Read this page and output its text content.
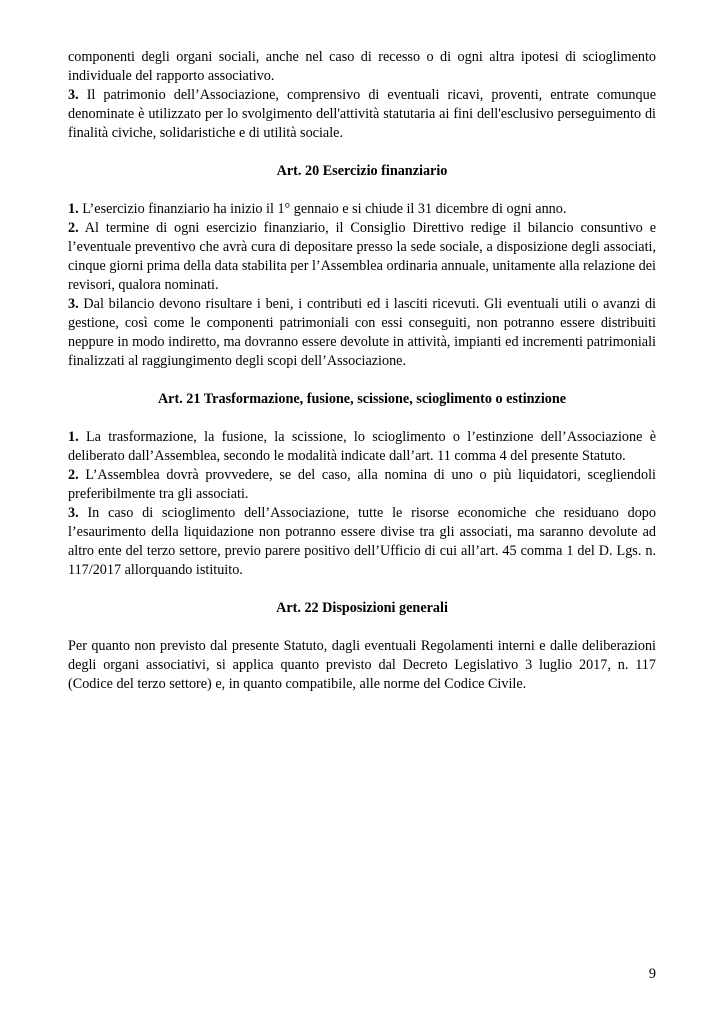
componenti degli organi sociali, anche nel caso di recesso o di ogni altra ipotesi di scioglimento individuale del rapporto associativo.

3. Il patrimonio dell’Associazione, comprensivo di eventuali ricavi, proventi, entrate comunque denominate è utilizzato per lo svolgimento dell'attività statutaria ai fini dell'esclusivo perseguimento di finalità civiche, solidaristiche e di utilità sociale.

Art. 20 Esercizio finanziario

1. L’esercizio finanziario ha inizio il 1° gennaio e si chiude il 31 dicembre di ogni anno.

2. Al termine di ogni esercizio finanziario, il Consiglio Direttivo redige il bilancio consuntivo e l’eventuale preventivo che avrà cura di depositare presso la sede sociale, a disposizione degli associati, cinque giorni prima della data stabilita per l’Assemblea ordinaria annuale, unitamente alla relazione dei revisori, qualora nominati.

3. Dal bilancio devono risultare i beni, i contributi ed i lasciti ricevuti. Gli eventuali utili o avanzi di gestione, così come le componenti patrimoniali con essi conseguiti, non potranno essere distribuiti neppure in modo indiretto, ma dovranno essere devolute in attività, impianti ed incrementi patrimoniali finalizzati al raggiungimento degli scopi dell’Associazione.

Art. 21 Trasformazione, fusione, scissione, scioglimento o estinzione

1. La trasformazione, la fusione, la scissione, lo scioglimento o l’estinzione dell’Associazione è deliberato dall’Assemblea, secondo le modalità indicate dall’art. 11 comma 4 del presente Statuto.

2. L’Assemblea dovrà provvedere, se del caso, alla nomina di uno o più liquidatori, scegliendoli preferibilmente tra gli associati.

3. In caso di scioglimento dell’Associazione, tutte le risorse economiche che residuano dopo l’esaurimento della liquidazione non potranno essere divise tra gli associati, ma saranno devolute ad altro ente del terzo settore, previo parere positivo dell’Ufficio di cui all’art. 45 comma 1 del D. Lgs. n. 117/2017 allorquando istituito.

Art. 22 Disposizioni generali

Per quanto non previsto dal presente Statuto, dagli eventuali Regolamenti interni e dalle deliberazioni degli organi associativi, si applica quanto previsto dal Decreto Legislativo 3 luglio 2017, n. 117 (Codice del terzo settore) e, in quanto compatibile, alle norme del Codice Civile.

9
